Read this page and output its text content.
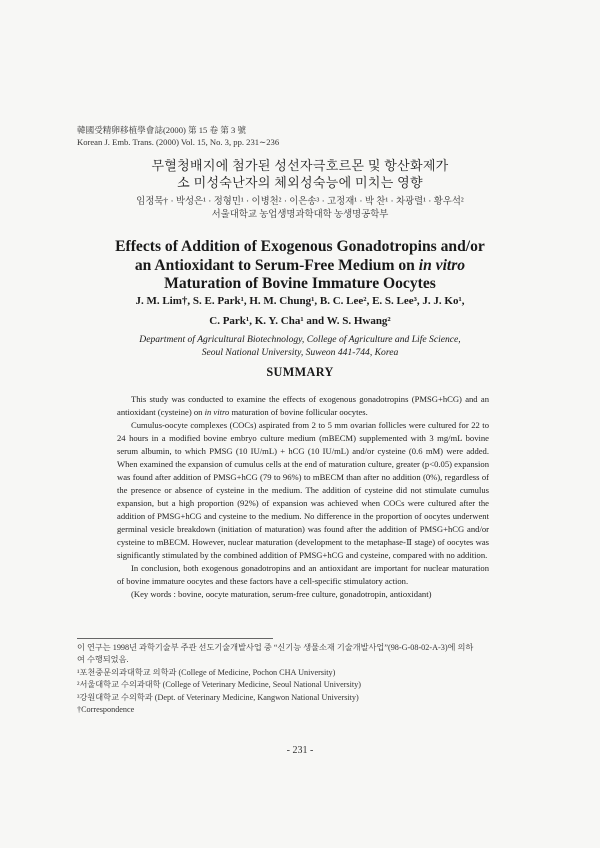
韓國受精卵移植學會誌(2000) 第 15 卷 第 3 號
Korean J. Emb. Trans. (2000) Vol. 15, No. 3, pp. 231∼236
무혈청배지에 첨가된 성선자극호르몬 및 항산화제가
소 미성숙난자의 체외성숙능에 미치는 영향
임정묵† · 박성은¹ · 정형민¹ · 이병천² · 이은송³ · 고정재¹ · 박 찬¹ · 차광렬¹ · 황우석²
서울대학교 농업생명과학대학 농생명공학부
Effects of Addition of Exogenous Gonadotropins and/or
an Antioxidant to Serum-Free Medium on in vitro
Maturation of Bovine Immature Oocytes
J. M. Lim†, S. E. Park¹, H. M. Chung¹, B. C. Lee², E. S. Lee³, J. J. Ko¹,
C. Park¹, K. Y. Cha¹ and W. S. Hwang²
Department of Agricultural Biotechnology, College of Agriculture and Life Science,
Seoul National University, Suweon 441-744, Korea
SUMMARY

This study was conducted to examine the effects of exogenous gonadotropins (PMSG+hCG) and an antioxidant (cysteine) on in vitro maturation of bovine follicular oocytes.

Cumulus-oocyte complexes (COCs) aspirated from 2 to 5 mm ovarian follicles were cultured for 22 to 24 hours in a modified bovine embryo culture medium (mBECM) supplemented with 3 mg/mL bovine serum albumin, to which PMSG (10 IU/mL) + hCG (10 IU/mL) and/or cysteine (0.6 mM) were added. When examined the expansion of cumulus cells at the end of maturation culture, greater (p<0.05) expansion was found after addition of PMSG+hCG (79 to 96%) to mBECM than after no addition (0%), regardless of the presence or absence of cysteine in the medium. The addition of cysteine did not stimulate cumulus expansion, but a high proportion (92%) of expansion was achieved when COCs were cultured after the addition of PMSG+hCG and cysteine to the medium. No difference in the proportion of oocytes underwent germinal vesicle breakdown (initiation of maturation) was found after the addition of PMSG+hCG and/or cysteine to mBECM. However, nuclear maturation (development to the metaphase-Ⅱ stage) of oocytes was significantly stimulated by the combined addition of PMSG+hCG and cysteine, compared with no addition.

In conclusion, both exogenous gonadotropins and an antioxidant are important for nuclear maturation of bovine immature oocytes and these factors have a cell-specific stimulatory action.

(Key words : bovine, oocyte maturation, serum-free culture, gonadotropin, antioxidant)

이 연구는 1998년 과학기술부 주관 선도기술개발사업 중 “신기능 생물소재 기술개발사업”(98-G-08-02-A-3)에 의하
여 수행되었음.
¹포천중문의과대학교 의학과 (College of Medicine, Pochon CHA University)
²서울대학교 수의과대학 (College of Veterinary Medicine, Seoul National University)
³강원대학교 수의학과 (Dept. of Veterinary Medicine, Kangwon National University)
†Correspondence
- 231 -
